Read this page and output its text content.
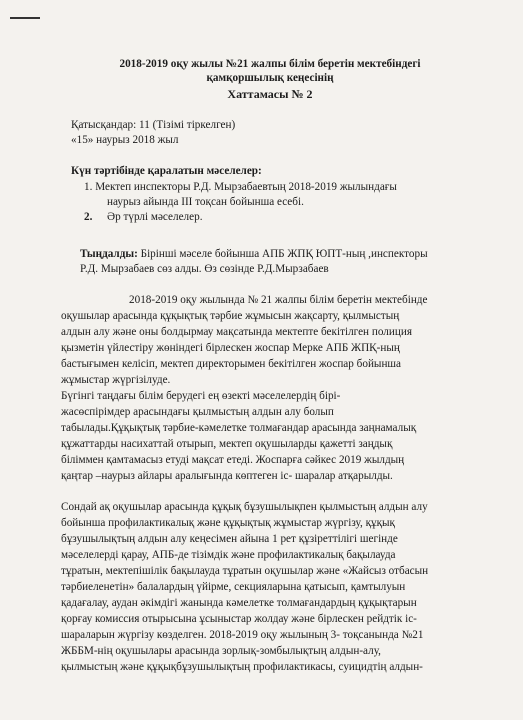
2018-2019 оқу жылы №21 жалпы білім беретін мектебіндегі
қамқоршылық кеңесінің
Хаттамасы № 2
Қатысқандар: 11 (Тізімі тіркелген)
«15» наурыз 2018 жыл
Күн тәртібінде қаралатын мәселелер:
1. Мектеп инспекторы Р.Д. Мырзабаевтың 2018-2019 жылындағы
наурыз айында ІІІ тоқсан бойынша есебі.
2. Әр түрлі мәселелер.
Тыңдалды: Бірінші мәселе бойынша АПБ ЖПҚ ЮПТ-ның ,инспекторы
Р.Д. Мырзабаев сөз алды. Өз сөзінде Р.Д.Мырзабаев
2018-2019 оқу жылында № 21 жалпы білім беретін мектебінде
оқушылар арасында құқықтық тәрбие жұмысын жақсарту, қылмыстың
алдын алу және оны болдырмау мақсатында мектепте бекітілген полиция
қызметін үйлестіру жөніндегі бірлескен жоспар Мерке АПБ ЖПҚ-ның
бастығымен келісіп, мектеп директорымен бекітілген жоспар бойынша
жұмыстар жүргізілуде.
Бүгінгі таңдағы білім берудегі ең өзекті мәселелердің бірі-
жасөспірімдер арасындағы қылмыстың алдын алу болып
табылады.Құқықтық тәрбие-кәмелетке толмағандар арасында заңнамалық
құжаттарды насихаттай отырып, мектеп оқушыларды қажетті заңдық
біліммен қамтамасыз етуді мақсат етеді. Жоспарға сәйкес 2019 жылдың
қаңтар –наурыз айлары аралығында көптеген іс- шаралар атқарылды.
Сондай ақ оқушылар арасында құқық бұзушылықпен қылмыстың алдын алу
бойынша профилактикалық және құқықтық жұмыстар жүргізу, құқық
бұзушылықтың алдын алу кеңесімен айына 1 рет құзіреттілігі шегінде
мәселелерді қарау, АПБ-де тізімдік және профилактикалық бақылауда
тұратын, мектепішілік бақылауда тұратын оқушылар және «Жайсыз отбасын
тәрбиеленетін» балалардың үйірме, секцияларына қатысып, қамтылуын
қадағалау, аудан әкімдігі жанында кәмелетке толмағандардың құқықтарын
қорғау комиссия отырысына ұсыныстар жолдау және бірлескен рейдтік іс-
шараларын жүргізу көзделген. 2018-2019 оқу жылының 3- тоқсанында №21
ЖББМ-нің оқушылары арасында зорлық-зомбылықтың алдын-алу,
қылмыстың және құқықбұзушылықтың профилактикасы, суицидтің алдын-
